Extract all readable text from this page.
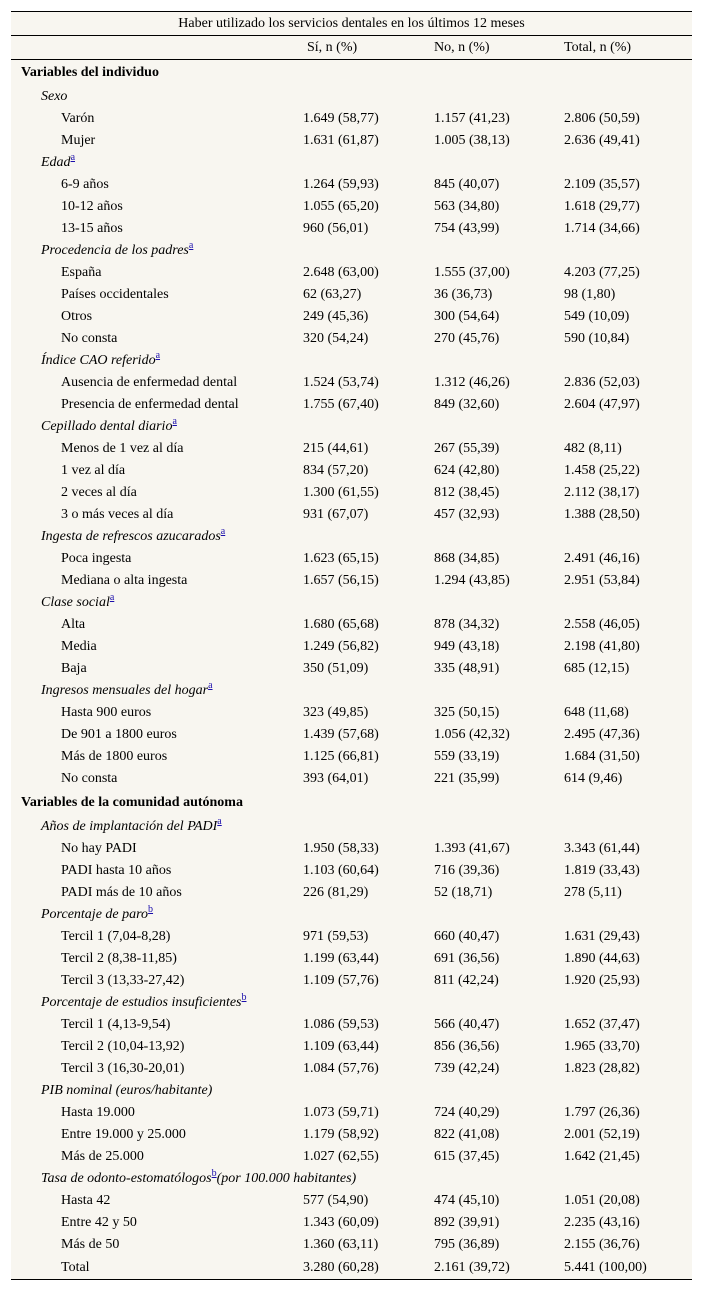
Haber utilizado los servicios dentales en los últimos 12 meses			
	Sí, n (%)	No, n (%)	Total, n (%)
Variables del individuo			
Sexo			
Varón	1.649 (58,77)	1.157 (41,23)	2.806 (50,59)
Mujer	1.631 (61,87)	1.005 (38,13)	2.636 (49,41)
Edad$^a$
6-9 años	1.264 (59,93)	845 (40,07)	2.109 (35,57)
10-12 años	1.055 (65,20)	563 (34,80)	1.618 (29,77)
13-15 años	960 (56,01)	754 (43,99)	1.714 (34,66)
Procedencia de los padres$^a$
España	2.648 (63,00)	1.555 (37,00)	4.203 (77,25)
Países occidentales	62 (63,27)	36 (36,73)	98 (1,80)
Otros	249 (45,36)	300 (54,64)	549 (10,09)
No consta	320 (54,24)	270 (45,76)	590 (10,84)
Índice CAO referido$^a$
Ausencia de enfermedad dental	1.524 (53,74)	1.312 (46,26)	2.836 (52,03)
Presencia de enfermedad dental	1.755 (67,40)	849 (32,60)	2.604 (47,97)
Cepillado dental diario$^a$
Menos de 1 vez al día	215 (44,61)	267 (55,39)	482 (8,11)
1 vez al día	834 (57,20)	624 (42,80)	1.458 (25,22)
2 veces al día	1.300 (61,55)	812 (38,45)	2.112 (38,17)
3 o más veces al día	931 (67,07)	457 (32,93)	1.388 (28,50)
Ingesta de refrescos azucarados$^a$
Poca ingesta	1.623 (65,15)	868 (34,85)	2.491 (46,16)
Mediana o alta ingesta	1.657 (56,15)	1.294 (43,85)	2.951 (53,84)
Clase social$^a$
Alta	1.680 (65,68)	878 (34,32)	2.558 (46,05)
Media	1.249 (56,82)	949 (43,18)	2.198 (41,80)
Baja	350 (51,09)	335 (48,91)	685 (12,15)
Ingresos mensuales del hogar$^a$
Hasta 900 euros	323 (49,85)	325 (50,15)	648 (11,68)
De 901 a 1800 euros	1.439 (57,68)	1.056 (42,32)	2.495 (47,36)
Más de 1800 euros	1.125 (66,81)	559 (33,19)	1.684 (31,50)
No consta	393 (64,01)	221 (35,99)	614 (9,46)
Variables de la comunidad autónoma			
Años de implantación del PADI$^a$
No hay PADI	1.950 (58,33)	1.393 (41,67)	3.343 (61,44)
PADI hasta 10 años	1.103 (60,64)	716 (39,36)	1.819 (33,43)
PADI más de 10 años	226 (81,29)	52 (18,71)	278 (5,11)
Porcentaje de paro$^b$
Tercil 1 (7,04-8,28)	971 (59,53)	660 (40,47)	1.631 (29,43)
Tercil 2 (8,38-11,85)	1.199 (63,44)	691 (36,56)	1.890 (44,63)
Tercil 3 (13,33-27,42)	1.109 (57,76)	811 (42,24)	1.920 (25,93)
Porcentaje de estudios insuficientes$^b$
Tercil 1 (4,13-9,54)	1.086 (59,53)	566 (40,47)	1.652 (37,47)
Tercil 2 (10,04-13,92)	1.109 (63,44)	856 (36,56)	1.965 (33,70)
Tercil 3 (16,30-20,01)	1.084 (57,76)	739 (42,24)	1.823 (28,82)
PIB nominal (euros/habitante)			
Hasta 19.000	1.073 (59,71)	724 (40,29)	1.797 (26,36)
Entre 19.000 y 25.000	1.179 (58,92)	822 (41,08)	2.001 (52,19)
Más de 25.000	1.027 (62,55)	615 (37,45)	1.642 (21,45)
Tasa de odonto-estomatólogos$^b$(por 100.000 habitantes)			
Hasta 42	577 (54,90)	474 (45,10)	1.051 (20,08)
Entre 42 y 50	1.343 (60,09)	892 (39,91)	2.235 (43,16)
Más de 50	1.360 (63,11)	795 (36,89)	2.155 (36,76)
Total	3.280 (60,28)	2.161 (39,72)	5.441 (100,00)
